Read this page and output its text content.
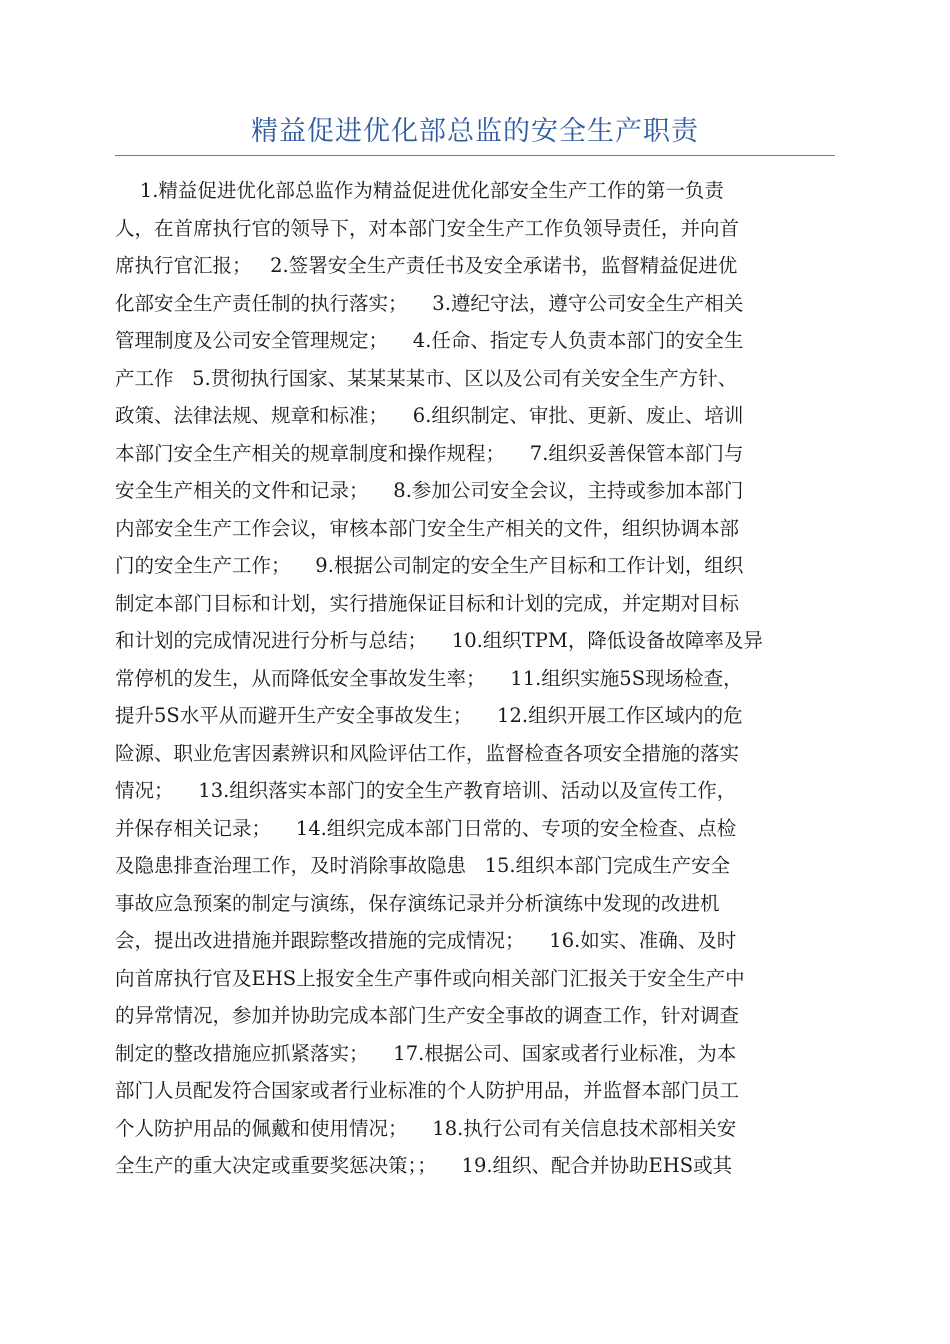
精益促进优化部总监的安全生产职责
1.精益促进优化部总监作为精益促进优化部安全生产工作的第一负责
人，在首席执行官的领导下，对本部门安全生产工作负领导责任，并向首
席执行官汇报；   2.签署安全生产责任书及安全承诺书，监督精益促进优
化部安全生产责任制的执行落实；    3.遵纪守法，遵守公司安全生产相关
管理制度及公司安全管理规定；    4.任命、指定专人负责本部门的安全生
产工作   5.贯彻执行国家、某某某某市、区以及公司有关安全生产方针、
政策、法律法规、规章和标准；    6.组织制定、审批、更新、废止、培训
本部门安全生产相关的规章制度和操作规程；    7.组织妥善保管本部门与
安全生产相关的文件和记录；    8.参加公司安全会议，主持或参加本部门
内部安全生产工作会议，审核本部门安全生产相关的文件，组织协调本部
门的安全生产工作；    9.根据公司制定的安全生产目标和工作计划，组织
制定本部门目标和计划，实行措施保证目标和计划的完成，并定期对目标
和计划的完成情况进行分析与总结；    10.组织TPM，降低设备故障率及异
常停机的发生，从而降低安全事故发生率；    11.组织实施5S现场检查，
提升5S水平从而避开生产安全事故发生；    12.组织开展工作区域内的危
险源、职业危害因素辨识和风险评估工作，监督检查各项安全措施的落实
情况；    13.组织落实本部门的安全生产教育培训、活动以及宣传工作，
并保存相关记录；    14.组织完成本部门日常的、专项的安全检查、点检
及隐患排查治理工作，及时消除事故隐患   15.组织本部门完成生产安全
事故应急预案的制定与演练，保存演练记录并分析演练中发现的改进机
会，提出改进措施并跟踪整改措施的完成情况；    16.如实、准确、及时
向首席执行官及EHS上报安全生产事件或向相关部门汇报关于安全生产中
的异常情况，参加并协助完成本部门生产安全事故的调查工作，针对调查
制定的整改措施应抓紧落实；    17.根据公司、国家或者行业标准，为本
部门人员配发符合国家或者行业标准的个人防护用品，并监督本部门员工
个人防护用品的佩戴和使用情况；    18.执行公司有关信息技术部相关安
全生产的重大决定或重要奖惩决策；；    19.组织、配合并协助EHS或其
